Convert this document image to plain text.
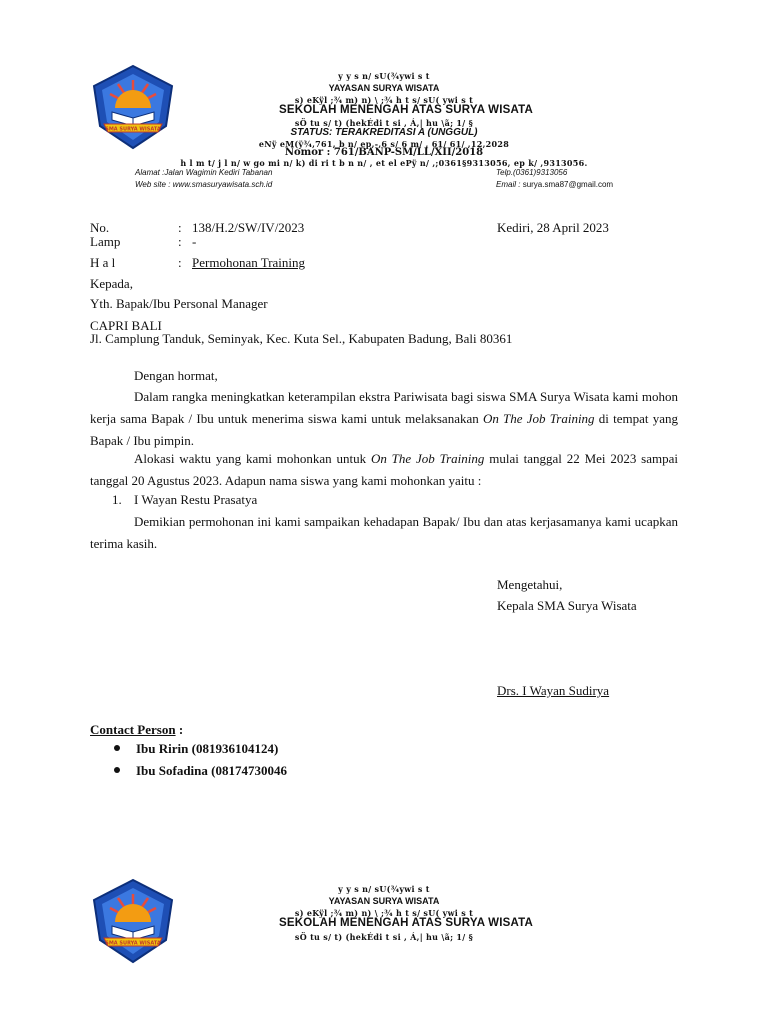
SMA SURYA WISATA
y y s n/ sU(¾ywi s t
YAYASAN SURYA WISATA
s) eKÿl ;¾ m) n) \ ;¾ h t s/ sU( ywi s t
SEKOLAH MENENGAH ATAS SURYA WISATA
sÖ tu s/ t) (hekÉdi t si , Á,| hu \ã; 1/ §
STATUS: TERAKREDITASI A (UNGGUL)
eNÿ eM(ÿ¾,761, b n/ ep,-,6 s/ 6 m/ , 61/ 61/ ,12,2028
Nomor : 761/BANP-SM/LL/XII/2018
h l m t/ j l n/ w go mi n/ k) di ri t b n n/ , et el ePÿ n/ ,;0361§9313056, ep k/ ,9313056.
Alamat :Jalan Wagimin Kediri Tabanan	Telp.(0361)9313056
Web site : www.smasuryawisata.sch.id	Email : surya.sma87@gmail.com
No.	: 138/H.2/SW/IV/2023	Kediri, 28 April 2023
Lamp	: -
H a l	: Permohonan Training
Kepada,
Yth. Bapak/Ibu Personal Manager
CAPRI BALI
Jl. Camplung Tanduk, Seminyak, Kec. Kuta Sel., Kabupaten Badung, Bali 80361
Dengan hormat,
Dalam rangka meningkatkan keterampilan ekstra Pariwisata bagi siswa SMA Surya Wisata kami mohon kerja sama Bapak / Ibu untuk menerima siswa kami untuk melaksanakan On The Job Training di tempat yang Bapak / Ibu pimpin.
Alokasi waktu yang kami mohonkan untuk On The Job Training mulai tanggal 22 Mei 2023 sampai tanggal 20 Agustus 2023. Adapun nama siswa yang kami mohonkan yaitu :
1. I Wayan Restu Prasatya
Demikian permohonan ini kami sampaikan kehadapan Bapak/ Ibu dan atas kerjasamanya kami ucapkan terima kasih.
Mengetahui,
Kepala SMA Surya Wisata
Drs. I Wayan Sudirya
Contact Person :
Ibu Ririn (081936104124)
Ibu Sofadina (08174730046
SMA SURYA WISATA
y y s n/ sU(¾ywi s t
YAYASAN SURYA WISATA
s) eKÿl ;¾ m) n) \ ;¾ h t s/ sU( ywi s t
SEKOLAH MENENGAH ATAS SURYA WISATA
sÖ tu s/ t) (hekÉdi t si , Á,| hu \ã; 1/ §
